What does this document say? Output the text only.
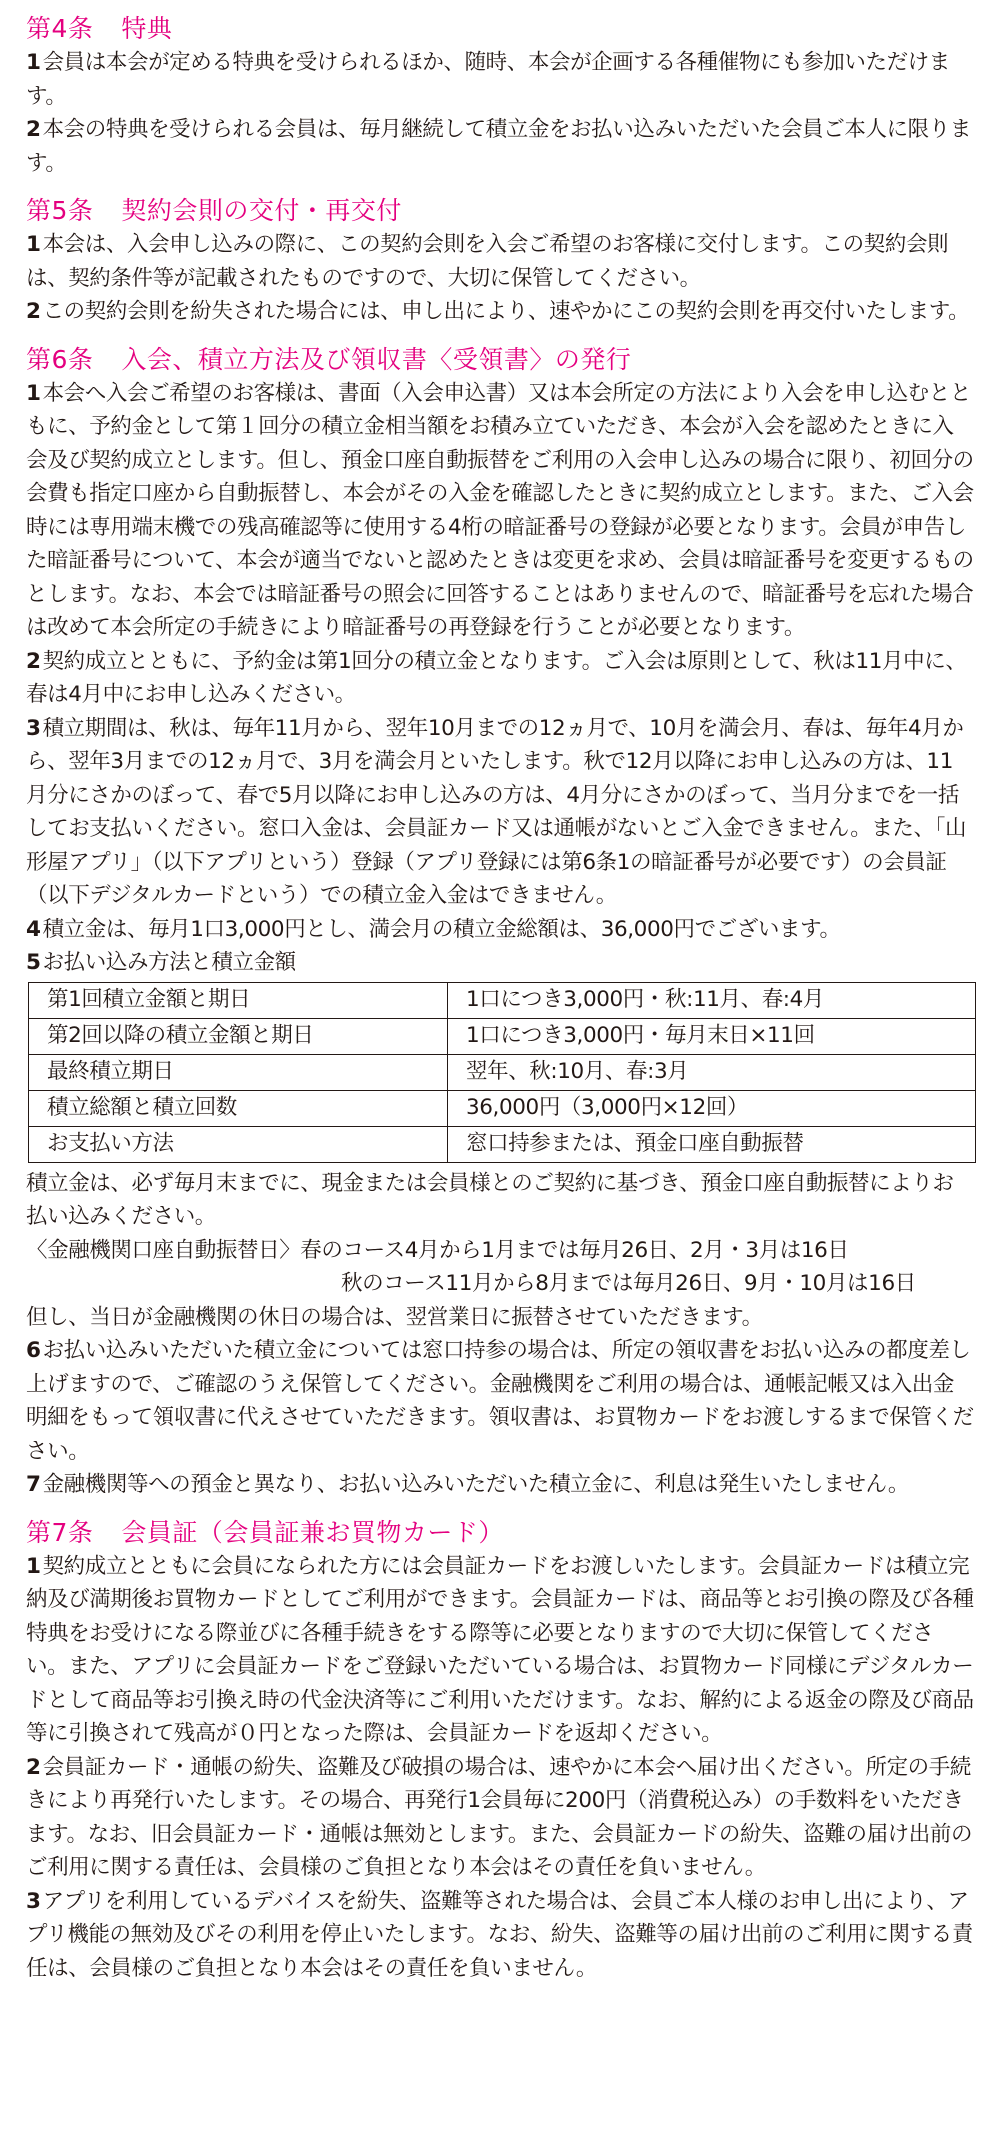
第4条 特典

1会員は本会が定める特典を受けられるほか、随時、本会が企画する各種催物にも参加いただけます。

2本会の特典を受けられる会員は、毎月継続して積立金をお払い込みいただいた会員ご本人に限ります。

第5条 契約会則の交付・再交付

1本会は、入会申し込みの際に、この契約会則を入会ご希望のお客様に交付します。この契約会則は、契約条件等が記載されたものですので、大切に保管してください。

2この契約会則を紛失された場合には、申し出により、速やかにこの契約会則を再交付いたします。

第6条 入会、積立方法及び領収書〈受領書〉の発行

1本会へ入会ご希望のお客様は、書面（入会申込書）又は本会所定の方法により入会を申し込むとともに、予約金として第１回分の積立金相当額をお積み立ていただき、本会が入会を認めたときに入会及び契約成立とします。但し、預金口座自動振替をご利用の入会申し込みの場合に限り、初回分の会費も指定口座から自動振替し、本会がその入金を確認したときに契約成立とします。また、ご入会時には専用端末機での残高確認等に使用する4桁の暗証番号の登録が必要となります。会員が申告した暗証番号について、本会が適当でないと認めたときは変更を求め、会員は暗証番号を変更するものとします。なお、本会では暗証番号の照会に回答することはありませんので、暗証番号を忘れた場合は改めて本会所定の手続きにより暗証番号の再登録を行うことが必要となります。

2契約成立とともに、予約金は第1回分の積立金となります。ご入会は原則として、秋は11月中に、春は4月中にお申し込みください。

3積立期間は、秋は、毎年11月から、翌年10月までの12ヵ月で、10月を満会月、春は、毎年4月から、翌年3月までの12ヵ月で、3月を満会月といたします。秋で12月以降にお申し込みの方は、11月分にさかのぼって、春で5月以降にお申し込みの方は、4月分にさかのぼって、当月分までを一括してお支払いください。窓口入金は、会員証カード又は通帳がないとご入金できません。また、「山形屋アプリ」（以下アプリという）登録（アプリ登録には第6条1の暗証番号が必要です）の会員証（以下デジタルカードという）での積立金入金はできません。

4積立金は、毎月1口3,000円とし、満会月の積立金総額は、36,000円でございます。

5お払い込み方法と積立金額

第1回積立金額と期日	1口につき3,000円・秋:11月、春:4月
第2回以降の積立金額と期日	1口につき3,000円・毎月末日×11回
最終積立期日	翌年、秋:10月、春:3月
積立総額と積立回数	36,000円（3,000円×12回）
お支払い方法	窓口持参または、預金口座自動振替

積立金は、必ず毎月末までに、現金または会員様とのご契約に基づき、預金口座自動振替によりお払い込みください。

〈金融機関口座自動振替日〉春のコース4月から1月までは毎月26日、2月・3月は16日
秋のコース11月から8月までは毎月26日、9月・10月は16日
但し、当日が金融機関の休日の場合は、翌営業日に振替させていただきます。

6お払い込みいただいた積立金については窓口持参の場合は、所定の領収書をお払い込みの都度差し上げますので、ご確認のうえ保管してください。金融機関をご利用の場合は、通帳記帳又は入出金明細をもって領収書に代えさせていただきます。領収書は、お買物カードをお渡しするまで保管ください。

7金融機関等への預金と異なり、お払い込みいただいた積立金に、利息は発生いたしません。

第7条 会員証（会員証兼お買物カード）

1契約成立とともに会員になられた方には会員証カードをお渡しいたします。会員証カードは積立完納及び満期後お買物カードとしてご利用ができます。会員証カードは、商品等とお引換の際及び各種特典をお受けになる際並びに各種手続きをする際等に必要となりますので大切に保管してください。また、アプリに会員証カードをご登録いただいている場合は、お買物カード同様にデジタルカードとして商品等お引換え時の代金決済等にご利用いただけます。なお、解約による返金の際及び商品等に引換されて残高が０円となった際は、会員証カードを返却ください。

2会員証カード・通帳の紛失、盗難及び破損の場合は、速やかに本会へ届け出ください。所定の手続きにより再発行いたします。その場合、再発行1会員毎に200円（消費税込み）の手数料をいただきます。なお、旧会員証カード・通帳は無効とします。また、会員証カードの紛失、盗難の届け出前のご利用に関する責任は、会員様のご負担となり本会はその責任を負いません。

3アプリを利用しているデバイスを紛失、盗難等された場合は、会員ご本人様のお申し出により、アプリ機能の無効及びその利用を停止いたします。なお、紛失、盗難等の届け出前のご利用に関する責任は、会員様のご負担となり本会はその責任を負いません。
